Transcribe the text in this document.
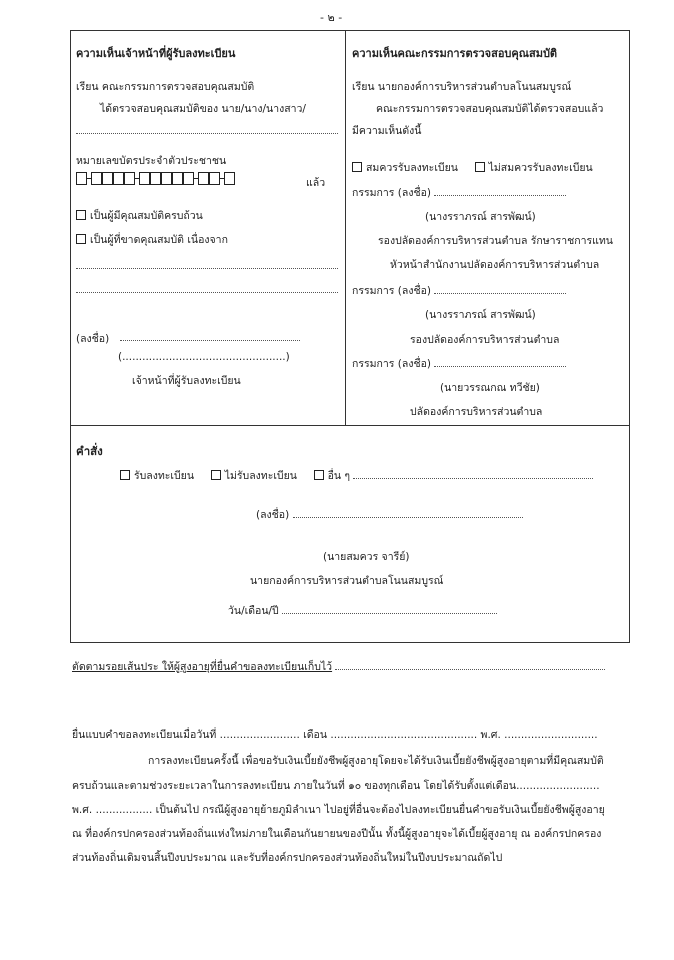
- ๒ -
ความเห็นเจ้าหน้าที่ผู้รับลงทะเบียน
เรียน คณะกรรมการตรวจสอบคุณสมบัติ
ได้ตรวจสอบคุณสมบัติของ นาย/นาง/นางสาว/
หมายเลขบัตรประจำตัวประชาชน
แล้ว
เป็นผู้มีคุณสมบัติครบถ้วน
เป็นผู้ที่ขาดคุณสมบัติ เนื่องจาก
(ลงชื่อ)
(.................................................)
เจ้าหน้าที่ผู้รับลงทะเบียน
ความเห็นคณะกรรมการตรวจสอบคุณสมบัติ
เรียน นายกองค์การบริหารส่วนตำบลโนนสมบูรณ์
คณะกรรมการตรวจสอบคุณสมบัติได้ตรวจสอบแล้ว
มีความเห็นดังนี้
สมควรรับลงทะเบียน	ไม่สมควรรับลงทะเบียน
กรรมการ (ลงชื่อ)
(นางรราภรณ์ สารพัฒน์)
รองปลัดองค์การบริหารส่วนตำบล รักษาราชการแทน
หัวหน้าสำนักงานปลัดองค์การบริหารส่วนตำบล
กรรมการ (ลงชื่อ)
(นางรราภรณ์ สารพัฒน์)
รองปลัดองค์การบริหารส่วนตำบล
กรรมการ (ลงชื่อ)
(นายวรรณกณ ทวีชัย)
ปลัดองค์การบริหารส่วนตำบล
คำสั่ง
รับลงทะเบียน	ไม่รับลงทะเบียน	อื่น ๆ
(ลงชื่อ)
(นายสมควร จารีย์)
นายกองค์การบริหารส่วนตำบลโนนสมบูรณ์
วัน/เดือน/ปี
ตัดตามรอยเส้นประ ให้ผู้สูงอายุที่ยื่นคำขอลงทะเบียนเก็บไว้
ยื่นแบบคำขอลงทะเบียนเมื่อวันที่ ........................ เดือน ............................................ พ.ศ. ............................
การลงทะเบียนครั้งนี้ เพื่อขอรับเงินเบี้ยยังชีพผู้สูงอายุโดยจะได้รับเงินเบี้ยยังชีพผู้สูงอายุตามที่มีคุณสมบัติ
ครบถ้วนและตามช่วงระยะเวลาในการลงทะเบียน ภายในวันที่ ๑๐ ของทุกเดือน โดยได้รับตั้งแต่เดือน.........................
พ.ศ. ................. เป็นต้นไป กรณีผู้สูงอายุย้ายภูมิลำเนา ไปอยู่ที่อื่นจะต้องไปลงทะเบียนยื่นคำขอรับเงินเบี้ยยังชีพผู้สูงอายุ
ณ ที่องค์กรปกครองส่วนท้องถิ่นแห่งใหม่ภายในเดือนกันยายนของปีนั้น ทั้งนี้ผู้สูงอายุจะได้เบี้ยผู้สูงอายุ ณ องค์กรปกครอง
ส่วนท้องถิ่นเดิมจนสิ้นปีงบประมาณ และรับที่องค์กรปกครองส่วนท้องถิ่นใหม่ในปีงบประมาณถัดไป
